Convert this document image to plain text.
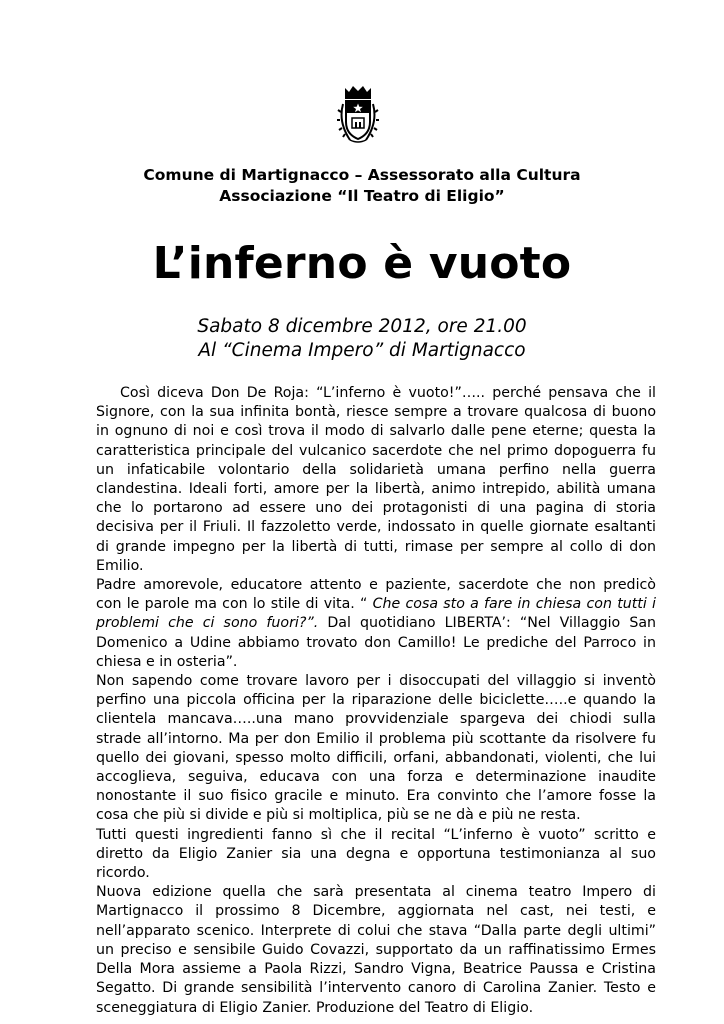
Comune di Martignacco – Assessorato alla Cultura
Associazione “Il Teatro di Eligio”
L’inferno è vuoto
Sabato 8 dicembre 2012, ore 21.00
Al “Cinema Impero” di Martignacco

Così diceva Don De Roja: “L’inferno è vuoto!”….. perché pensava che il Signore, con la sua infinita bontà, riesce sempre a trovare qualcosa di buono in ognuno di noi e così trova il modo di salvarlo dalle pene eterne; questa la caratteristica principale del vulcanico sacerdote che nel primo dopoguerra fu un infaticabile volontario della solidarietà umana perfino nella guerra clandestina. Ideali forti, amore per la libertà, animo intrepido, abilità umana che lo portarono ad essere uno dei protagonisti di una pagina di storia decisiva per il Friuli. Il fazzoletto verde, indossato in quelle giornate esaltanti di grande impegno per la libertà di tutti, rimase per sempre al collo di don Emilio.

Padre amorevole, educatore attento e paziente, sacerdote che non predicò con le parole ma con lo stile di vita. “ Che cosa sto a fare in chiesa con tutti i problemi che ci sono fuori?”. Dal quotidiano LIBERTA’: “Nel Villaggio San Domenico a Udine abbiamo trovato don Camillo! Le prediche del Parroco in chiesa e in osteria”.

Non sapendo come trovare lavoro per i disoccupati del villaggio si inventò perfino una piccola officina per la riparazione delle biciclette…..e quando la clientela mancava…..una mano provvidenziale spargeva dei chiodi sulla strade all’intorno. Ma per don Emilio il problema più scottante da risolvere fu quello dei giovani, spesso molto difficili, orfani, abbandonati, violenti, che lui accoglieva, seguiva, educava con una forza e determinazione inaudite nonostante il suo fisico gracile e minuto. Era convinto che l’amore fosse la cosa che più si divide e più si moltiplica, più se ne dà e più ne resta.

Tutti questi ingredienti fanno sì che il recital “L’inferno è vuoto” scritto e diretto da Eligio Zanier sia una degna e opportuna testimonianza al suo ricordo.

Nuova edizione quella che sarà presentata al cinema teatro Impero di Martignacco il prossimo 8 Dicembre, aggiornata nel cast, nei testi, e nell’apparato scenico. Interprete di colui che stava “Dalla parte degli ultimi” un preciso e sensibile Guido Covazzi, supportato da un raffinatissimo Ermes Della Mora assieme a Paola Rizzi, Sandro Vigna, Beatrice Paussa e Cristina Segatto. Di grande sensibilità l’intervento canoro di Carolina Zanier. Testo e sceneggiatura di Eligio Zanier. Produzione del Teatro di Eligio.
